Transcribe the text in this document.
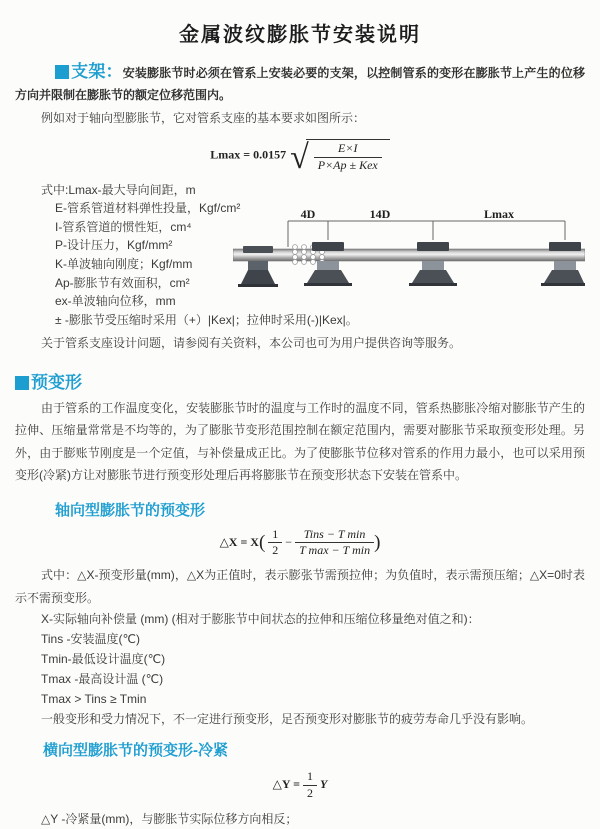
金属波纹膨胀节安装说明
支架：安装膨胀节时必须在管系上安装必要的支架，以控制管系的变形在膨胀节上产生的位移方向并限制在膨胀节的额定位移范围内。
例如对于轴向型膨胀节，它对管系支座的基本要求如图所示：
Lmax = 0.0157 √ $\frac{E\times I}{\text{P×Ap ± Kex}}$
式中:Lmax-最大导向间距，m
E-管系管道材料弹性投量，Kgf/cm²
I-管系管道的惯性矩，cm⁴
P-设计压力，Kgf/mm²
K-单波轴向刚度；Kgf/mm
Ap-膨胀节有效面积，cm²
ex-单波轴向位移，mm
± -膨胀节受压缩时采用（+）|Kex|；拉伸时采用(-)|Kex|。
4D	14D	Lmax
关于管系支座设计问题，请参阅有关资料，本公司也可为用户提供咨询等服务。
预变形
由于管系的工作温度变化，安装膨胀节时的温度与工作时的温度不同，管系热膨胀冷缩对膨胀节产生的拉伸、压缩量常常是不均等的，为了膨胀节变形范围控制在额定范围内，需要对膨胀节采取预变形处理。另外，由于膨账节刚度是一个定值，与补偿量成正比。为了使膨胀节位移对管系的作用力最小，也可以采用预变形(冷紧)方让对膨胀节进行预变形处理后再将膨胀节在预变形状态下安装在管系中。
轴向型膨胀节的预变形
△X = $X( \frac{1}{2} - \frac{\text{Tins − T min}}{\text{T max − T min}}$ )
式中：△X-预变形量(mm)，△X为正值时，表示膨张节需预拉伸；为负值时，表示需预压缩；△X=0时表示不需预变形。
X-实际轴向补偿量 (mm) (相对于膨胀节中间状态的拉伸和压缩位移量绝对值之和)：
Tins -安装温度(℃)
Tmin-最低设计温度(℃)
Tmax -最高设计温 (℃)
Tmax > Tins ≥ Tmin
一般变形和受力情况下，不一定进行预变形，足否预变形对膨胀节的疲劳寿命几乎没有影响。
横向型膨胀节的预变形-冷紧
△Y = $\frac{1}{2}$ Y
△Y -冷紧量(mm)，与膨胀节实际位移方向相反；
